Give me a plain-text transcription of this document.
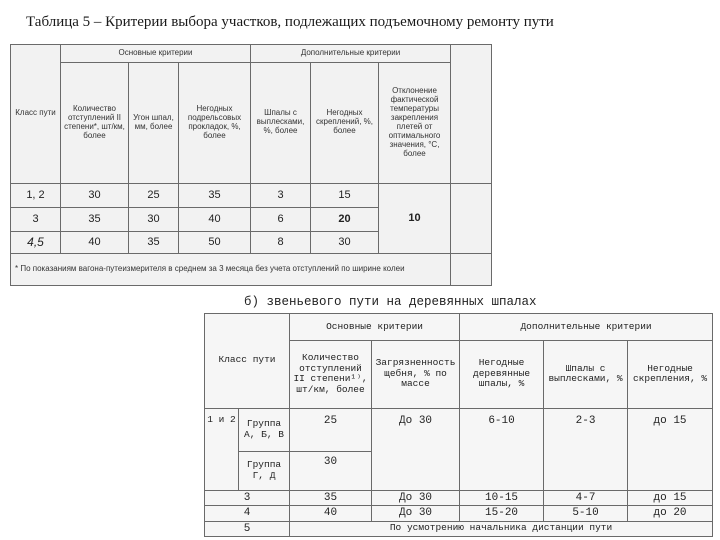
Таблица 5 – Критерии выбора участков, подлежащих подъемочному ремонту пути
Класс пути	Основные критерии			Дополнительные критерии			
	Количество отступлений II степени*, шт/км, более	Угон шпал, мм, более	Негодных подрельсовых прокладок, %, более	Шпалы с выплесками, %, более	Негодных скреплений, %, более	Отклонение фактической температуры закрепления плетей от оптимального значения, °C, более	
1, 2	30	25	35	3	15	10	
3	35	30	40	6	20		
4,5	40	35	50	8	30		
* По показаниям вагона-путеизмерителя в среднем за 3 месяца без учета отступлений по ширине колеи							
б) звеньевого пути на деревянных шпалах
Класс пути		Основные критерии		Дополнительные критерии		
		Количество отступлений II степени¹⁾, шт/км, более	Загрязненность щебня, % по массе	Негодные деревянные шпалы, %	Шпалы с выплесками, %	Негодные скрепления, %
1 и 2	Группа А, Б, В	25	До 30	6-10	2-3	до 15
	Группа Г, Д	30				
3		35	До 30	10-15	4-7	до 15
4		40	До 30	15-20	5-10	до 20
5		По усмотрению начальника дистанции пути				
